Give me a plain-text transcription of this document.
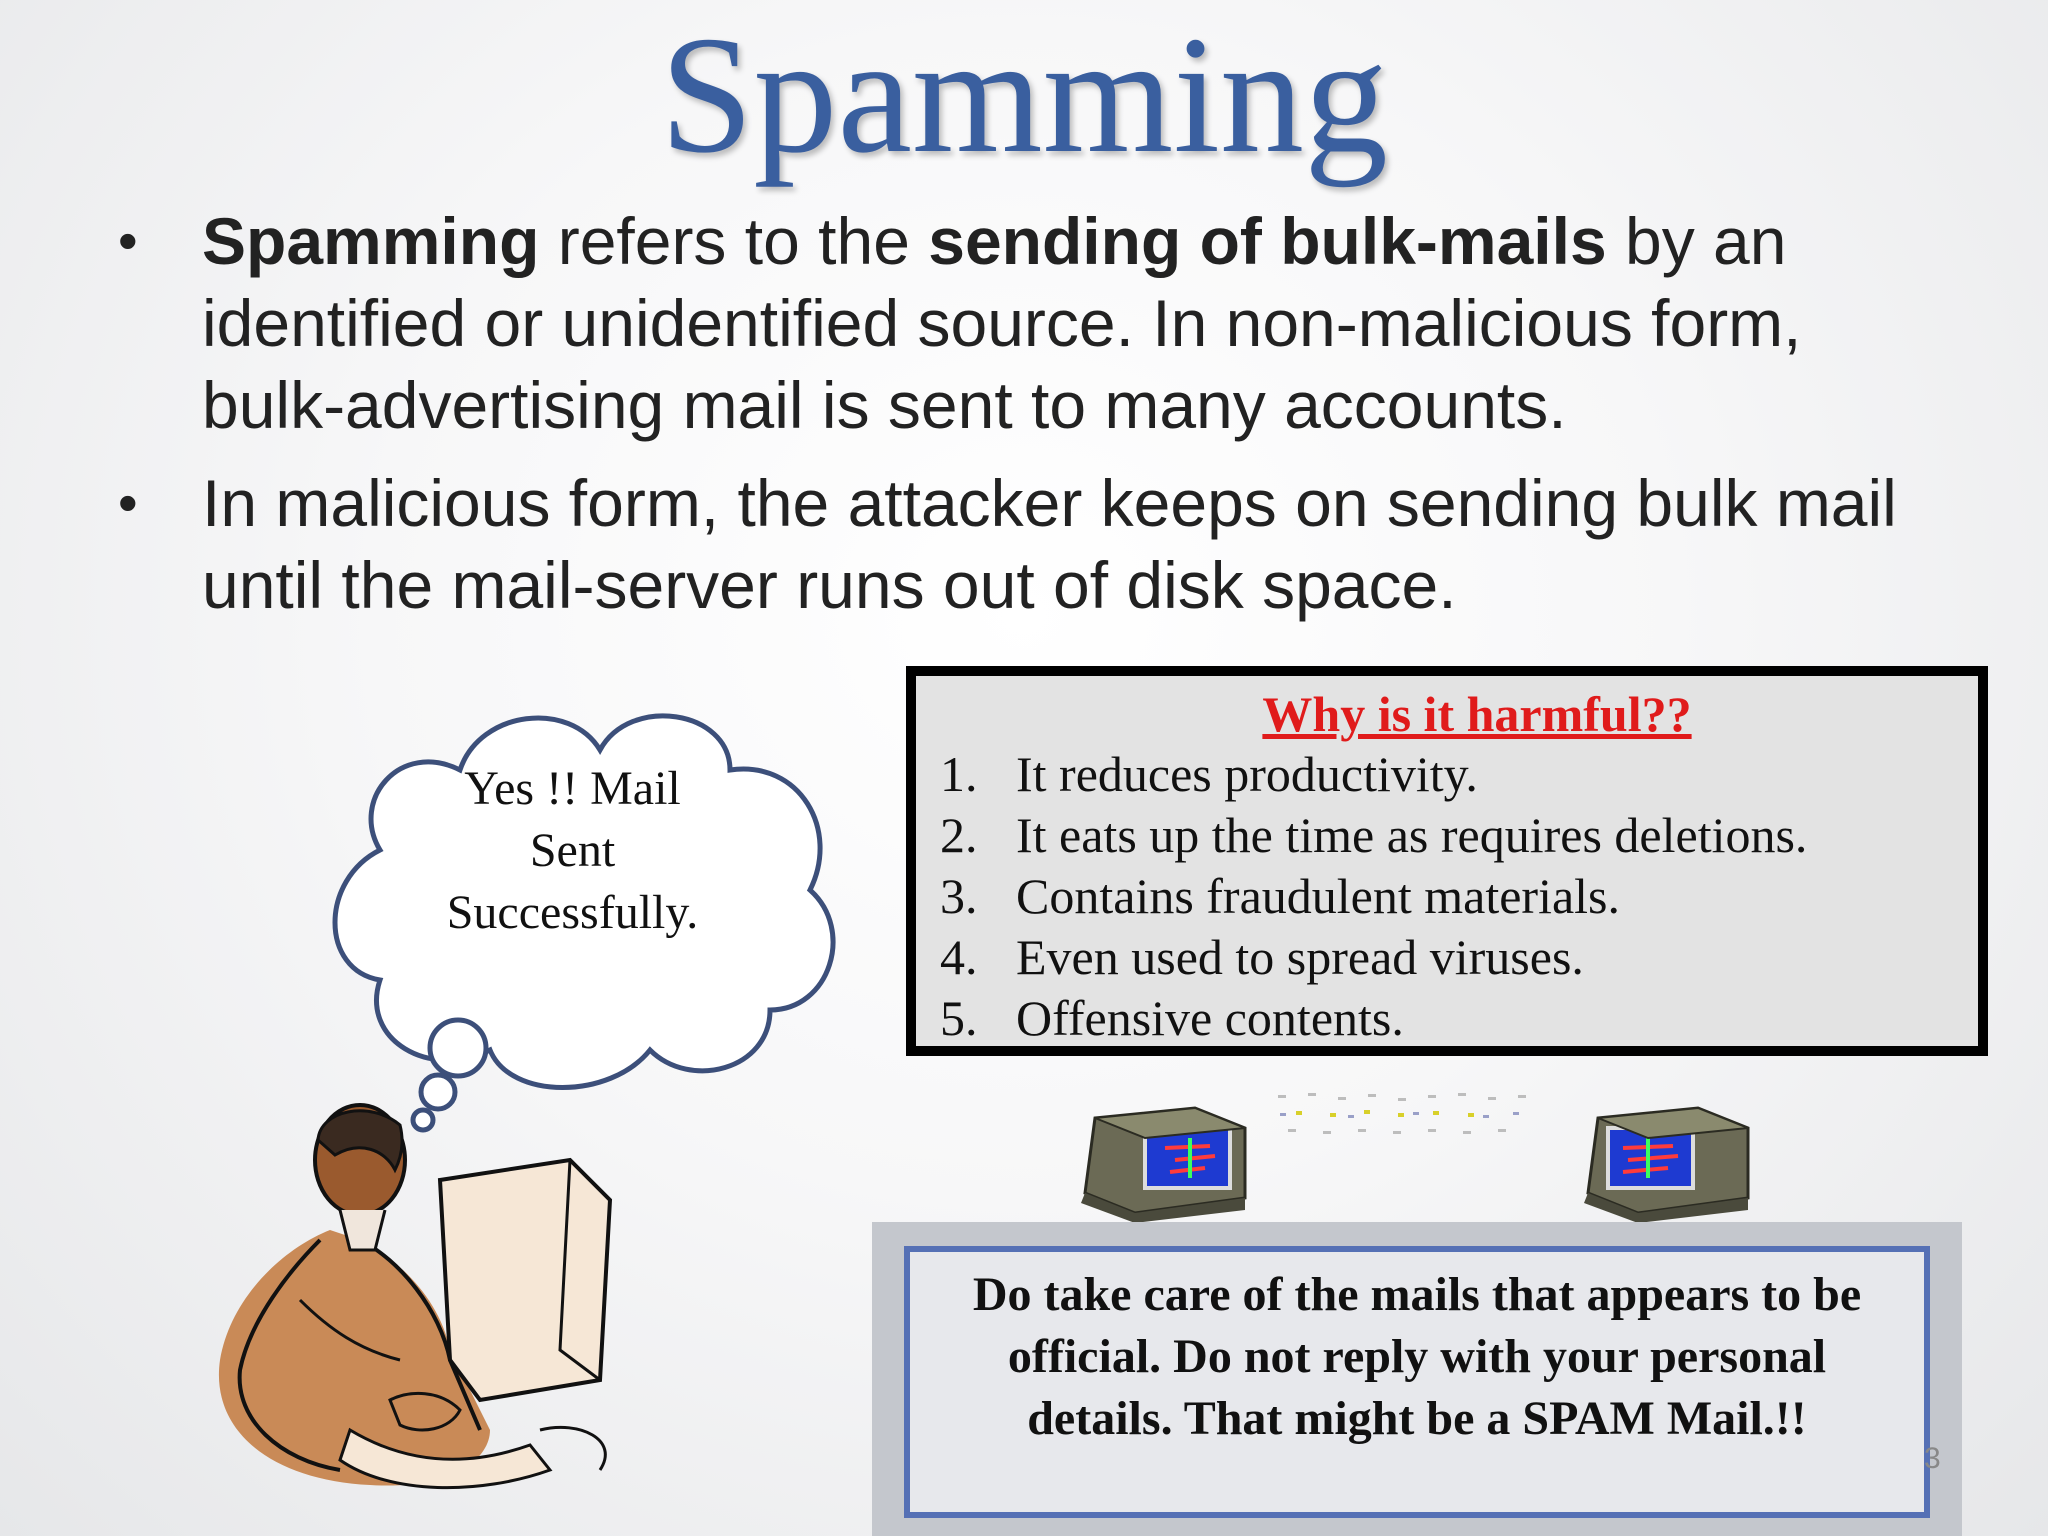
Spamming
• Spamming refers to the sending of bulk-mails by an identified or unidentified source. In non-malicious form, bulk-advertising mail is sent to many accounts.
• In malicious form, the attacker keeps on sending bulk mail until the mail-server runs out of disk space.
Yes !! Mail
Sent
Successfully.
Why is it harmful??
1. It reduces productivity.
2. It eats up the time as requires deletions.
3. Contains fraudulent materials.
4. Even used to spread viruses.
5. Offensive contents.
Do take care of the mails that appears to be official. Do not reply with your personal details. That might be a SPAM Mail.!!
3
